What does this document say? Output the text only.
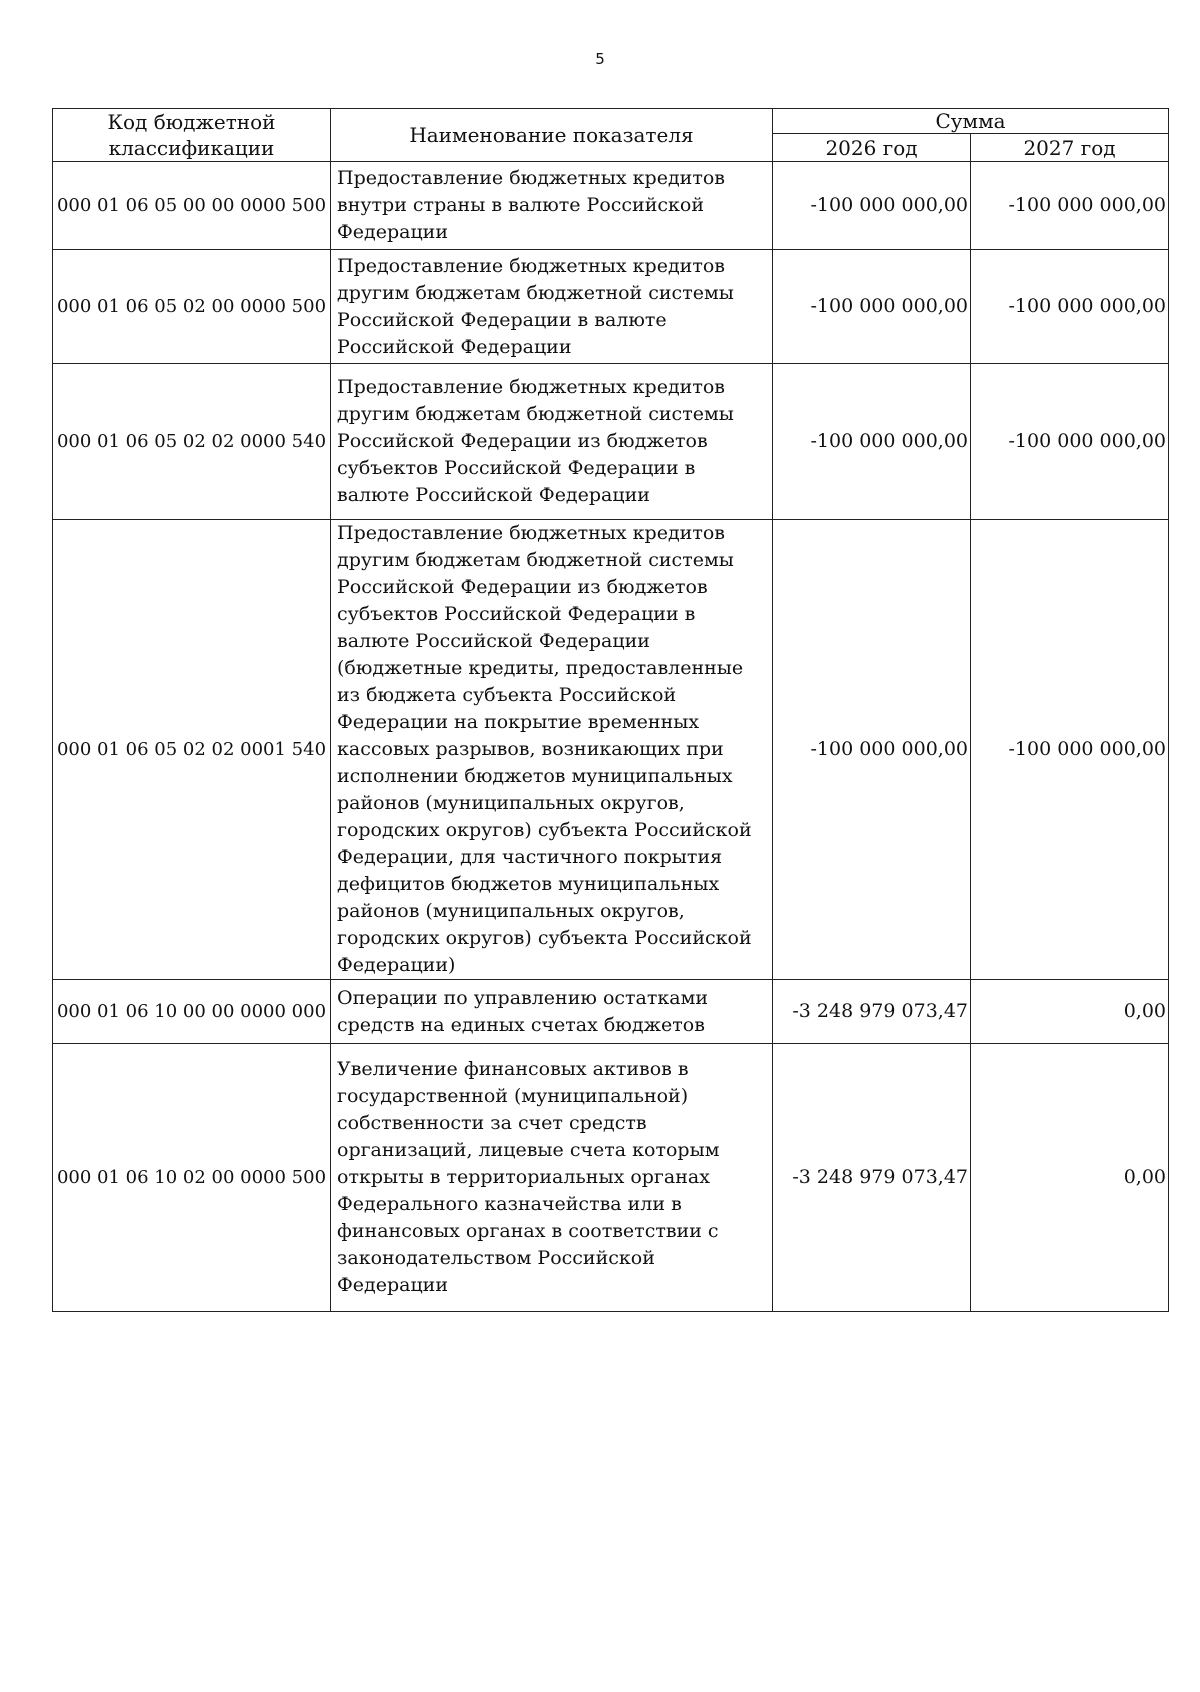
5
Код бюджетной классификации	Наименование показателя	Сумма	
		2026 год	2027 год
000 01 06 05 00 00 0000 500	Предоставление бюджетных кредитов внутри страны в валюте Российской Федерации	-100 000 000,00	-100 000 000,00
000 01 06 05 02 00 0000 500	Предоставление бюджетных кредитов другим бюджетам бюджетной системы Российской Федерации в валюте Российской Федерации	-100 000 000,00	-100 000 000,00
000 01 06 05 02 02 0000 540	Предоставление бюджетных кредитов другим бюджетам бюджетной системы Российской Федерации из бюджетов субъектов Российской Федерации в валюте Российской Федерации	-100 000 000,00	-100 000 000,00
000 01 06 05 02 02 0001 540	Предоставление бюджетных кредитов другим бюджетам бюджетной системы Российской Федерации из бюджетов субъектов Российской Федерации в валюте Российской Федерации (бюджетные кредиты, предоставленные из бюджета субъекта Российской Федерации на покрытие временных кассовых разрывов, возникающих при исполнении бюджетов муниципальных районов (муниципальных округов, городских округов) субъекта Российской Федерации, для частичного покрытия дефицитов бюджетов муниципальных районов (муниципальных округов, городских округов) субъекта Российской Федерации)	-100 000 000,00	-100 000 000,00
000 01 06 10 00 00 0000 000	Операции по управлению остатками средств на единых счетах бюджетов	-3 248 979 073,47	0,00
000 01 06 10 02 00 0000 500	Увеличение финансовых активов в государственной (муниципальной) собственности за счет средств организаций, лицевые счета которым открыты в территориальных органах Федерального казначейства или в финансовых органах в соответствии с законодательством Российской Федерации	-3 248 979 073,47	0,00
